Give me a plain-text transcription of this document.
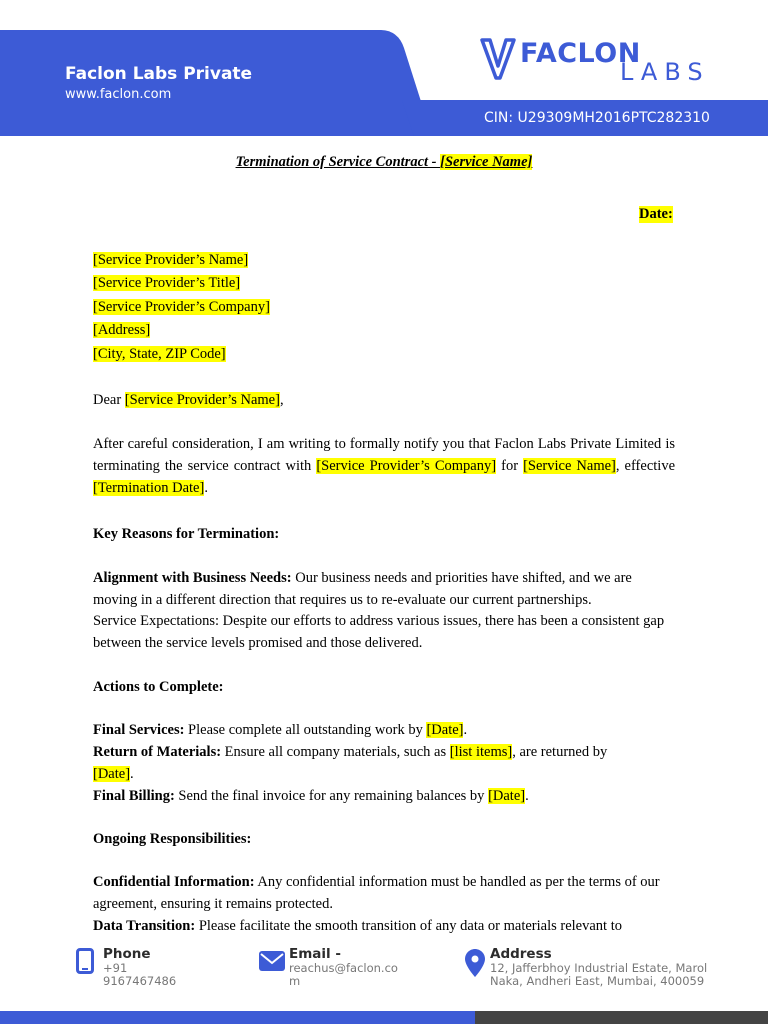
Faclon Labs Private
www.faclon.com
CIN: U29309MH2016PTC282310
FACLON
LABS
Termination of Service Contract - [Service Name]
Date:
[Service Provider’s Name]
[Service Provider’s Title]
[Service Provider’s Company]
[Address]
[City, State, ZIP Code]
Dear [Service Provider’s Name],
After careful consideration, I am writing to formally notify you that Faclon Labs Private Limited is terminating the service contract with [Service Provider’s Company] for [Service Name], effective [Termination Date].
Key Reasons for Termination:
Alignment with Business Needs: Our business needs and priorities have shifted, and we are moving in a different direction that requires us to re-evaluate our current partnerships.
Service Expectations: Despite our efforts to address various issues, there has been a consistent gap between the service levels promised and those delivered.
Actions to Complete:
Final Services: Please complete all outstanding work by [Date].
Return of Materials: Ensure all company materials, such as [list items], are returned by
[Date].
Final Billing: Send the final invoice for any remaining balances by [Date].
Ongoing Responsibilities:
Confidential Information: Any confidential information must be handled as per the terms of our agreement, ensuring it remains protected.
Data Transition: Please facilitate the smooth transition of any data or materials relevant to
Phone
+91 9167467486
Email -
reachus@faclon.com
Address
12, Jafferbhoy Industrial Estate, Marol Naka, Andheri East, Mumbai, 400059
